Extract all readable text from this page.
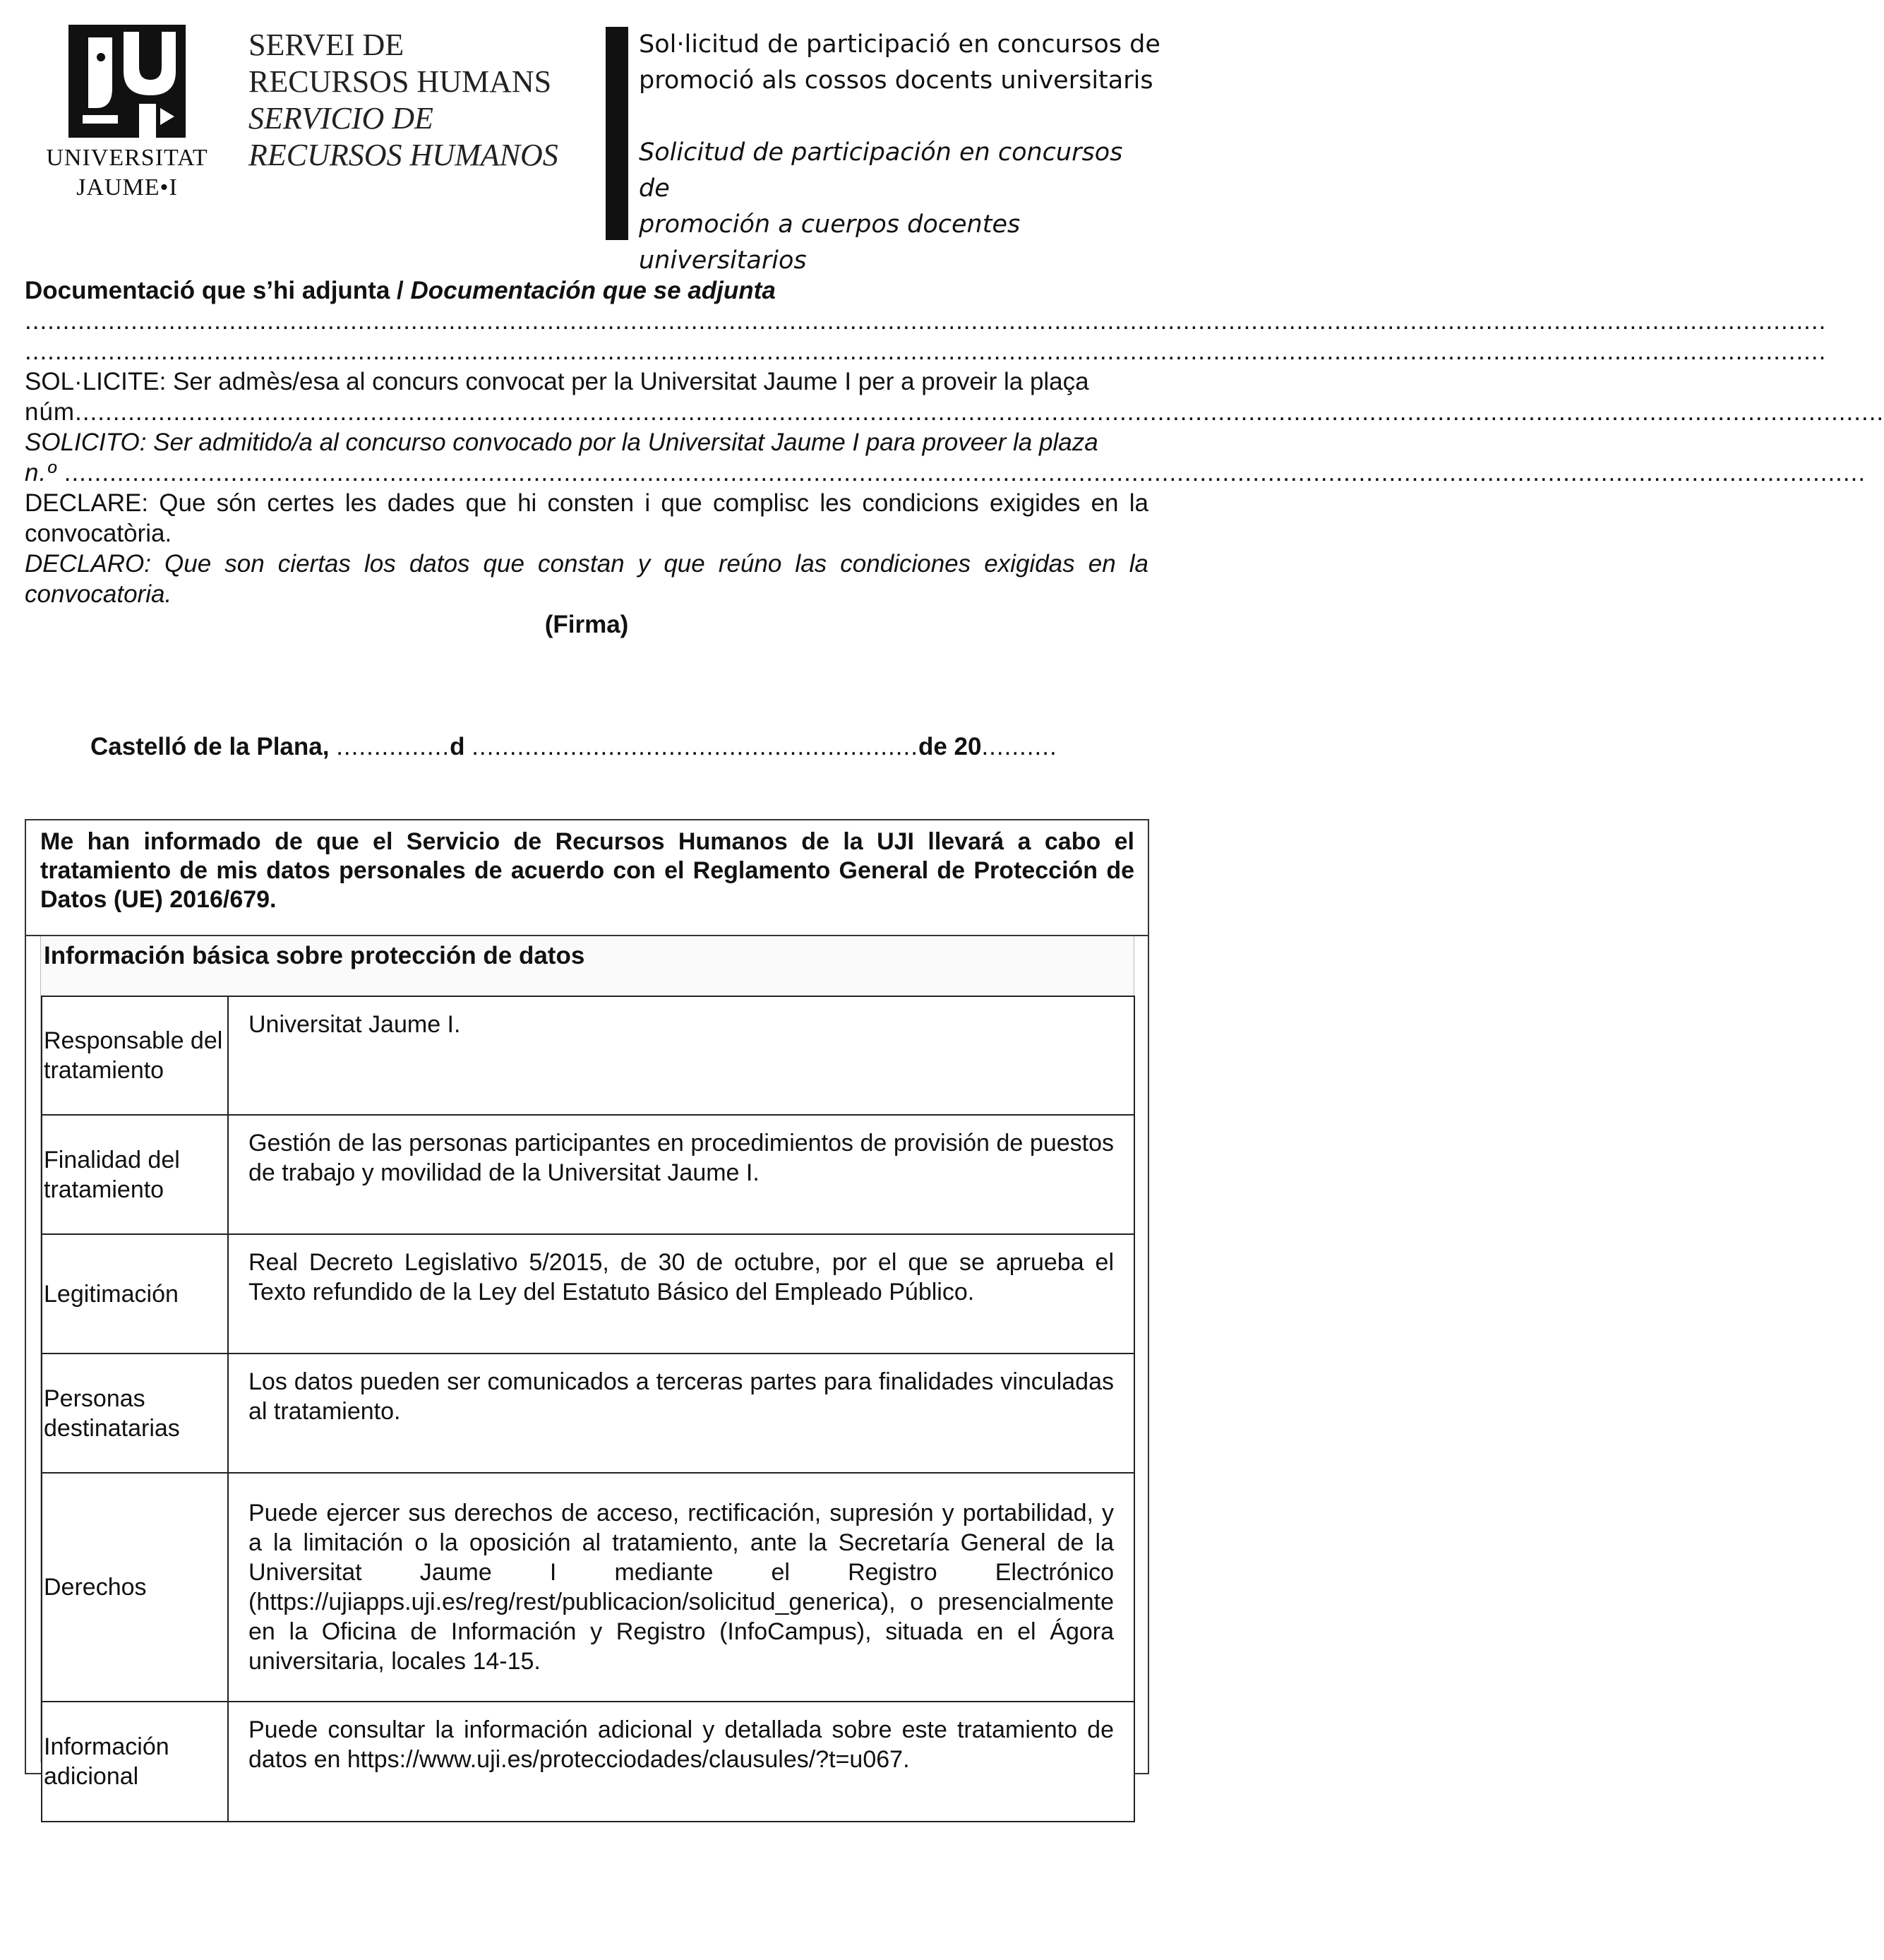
UNIVERSITAT
JAUME•I
SERVEI DE
RECURSOS HUMANS
SERVICIO DE
RECURSOS HUMANOS
Sol·licitud de participació en concursos de
promoció als cossos docents universitaris
Solicitud de participación en concursos de
promoción a cuerpos docentes universitarios

Documentació que s’hi adjunta / Documentación que se adjunta

..............................................................................................................................................................................................................................................

..............................................................................................................................................................................................................................................

SOL·LICITE: Ser admès/esa al concurs convocat per la Universitat Jaume I per a proveir la plaça

núm...............................................................................................................................................................................................................................................

SOLICITO: Ser admitido/a al concurso convocado por la Universitat Jaume I para proveer la plaza

n.º ..............................................................................................................................................................................................................................................

DECLARE: Que són certes les dades que hi consten i que complisc les condicions exigides en la convocatòria.

DECLARO: Que son ciertas los datos que constan y que reúno las condiciones exigidas en la convocatoria.

(Firma)

Castelló de la Plana, ...............d ...........................................................de 20..........
Me han informado de que el Servicio de Recursos Humanos de la UJI llevará a cabo el tratamiento de mis datos personales de acuerdo con el Reglamento General de Protección de Datos (UE) 2016/679.
Información básica sobre protección de datos
Responsable del tratamiento	Universitat Jaume I.
Finalidad del tratamiento	Gestión de las personas participantes en procedimientos de provisión de puestos de trabajo y movilidad de la Universitat Jaume I.
Legitimación	Real Decreto Legislativo 5/2015, de 30 de octubre, por el que se aprueba el Texto refundido de la Ley del Estatuto Básico del Empleado Público.
Personas destinatarias	Los datos pueden ser comunicados a terceras partes para finalidades vinculadas al tratamiento.
Derechos	Puede ejercer sus derechos de acceso, rectificación, supresión y portabilidad, y a la limitación o la oposición al tratamiento, ante la Secretaría General de la Universitat Jaume I mediante el Registro Electrónico (https://ujiapps.uji.es/reg/rest/publicacion/solicitud_generica), o presencialmente en la Oficina de Información y Registro (InfoCampus), situada en el Ágora universitaria, locales 14-15.
Información adicional	Puede consultar la información adicional y detallada sobre este tratamiento de datos en https://www.uji.es/protecciodades/clausules/?t=u067.
